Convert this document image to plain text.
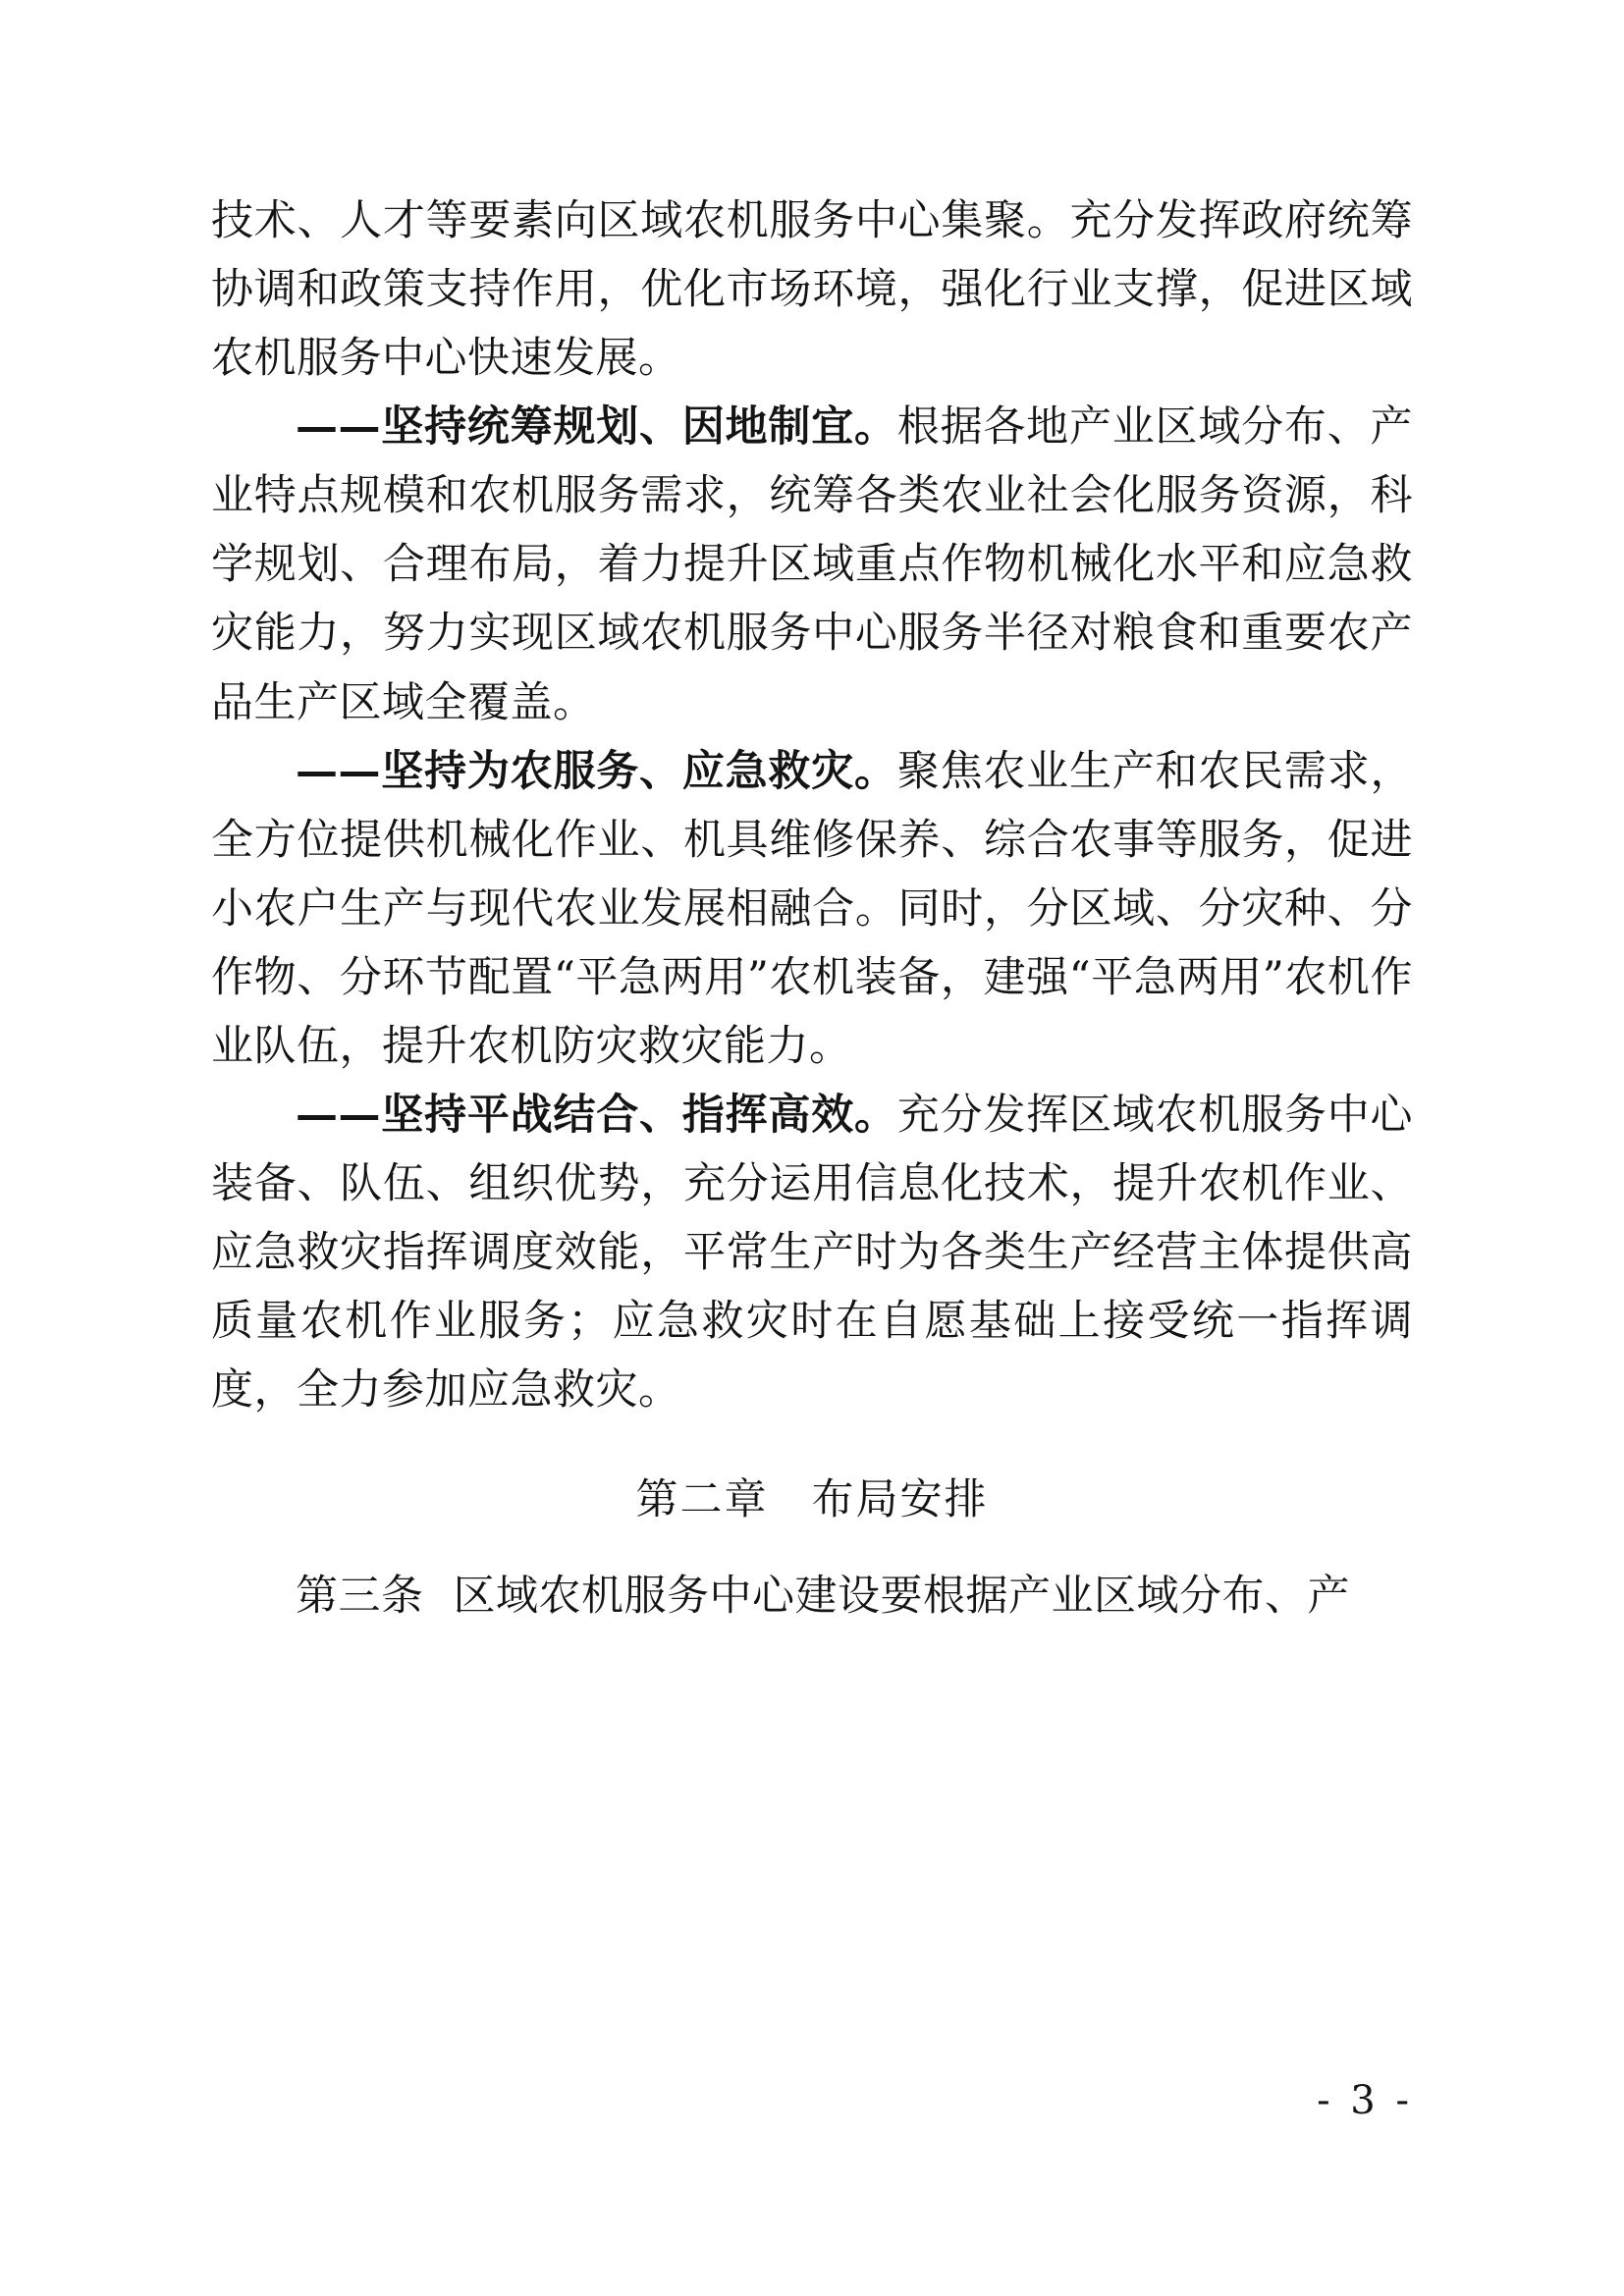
技术、人才等要素向区域农机服务中心集聚。充分发挥政府统筹协调和政策支持作用，优化市场环境，强化行业支撑，促进区域农机服务中心快速发展。

——坚持统筹规划、因地制宜。根据各地产业区域分布、产业特点规模和农机服务需求，统筹各类农业社会化服务资源，科学规划、合理布局，着力提升区域重点作物机械化水平和应急救灾能力，努力实现区域农机服务中心服务半径对粮食和重要农产品生产区域全覆盖。

——坚持为农服务、应急救灾。聚焦农业生产和农民需求，全方位提供机械化作业、机具维修保养、综合农事等服务，促进小农户生产与现代农业发展相融合。同时，分区域、分灾种、分作物、分环节配置“平急两用”农机装备，建强“平急两用”农机作业队伍，提升农机防灾救灾能力。

——坚持平战结合、指挥高效。充分发挥区域农机服务中心装备、队伍、组织优势，充分运用信息化技术，提升农机作业、应急救灾指挥调度效能，平常生产时为各类生产经营主体提供高质量农机作业服务；应急救灾时在自愿基础上接受统一指挥调度，全力参加应急救灾。

第二章 布局安排

第三条 区域农机服务中心建设要根据产业区域分布、产

- 3 -
